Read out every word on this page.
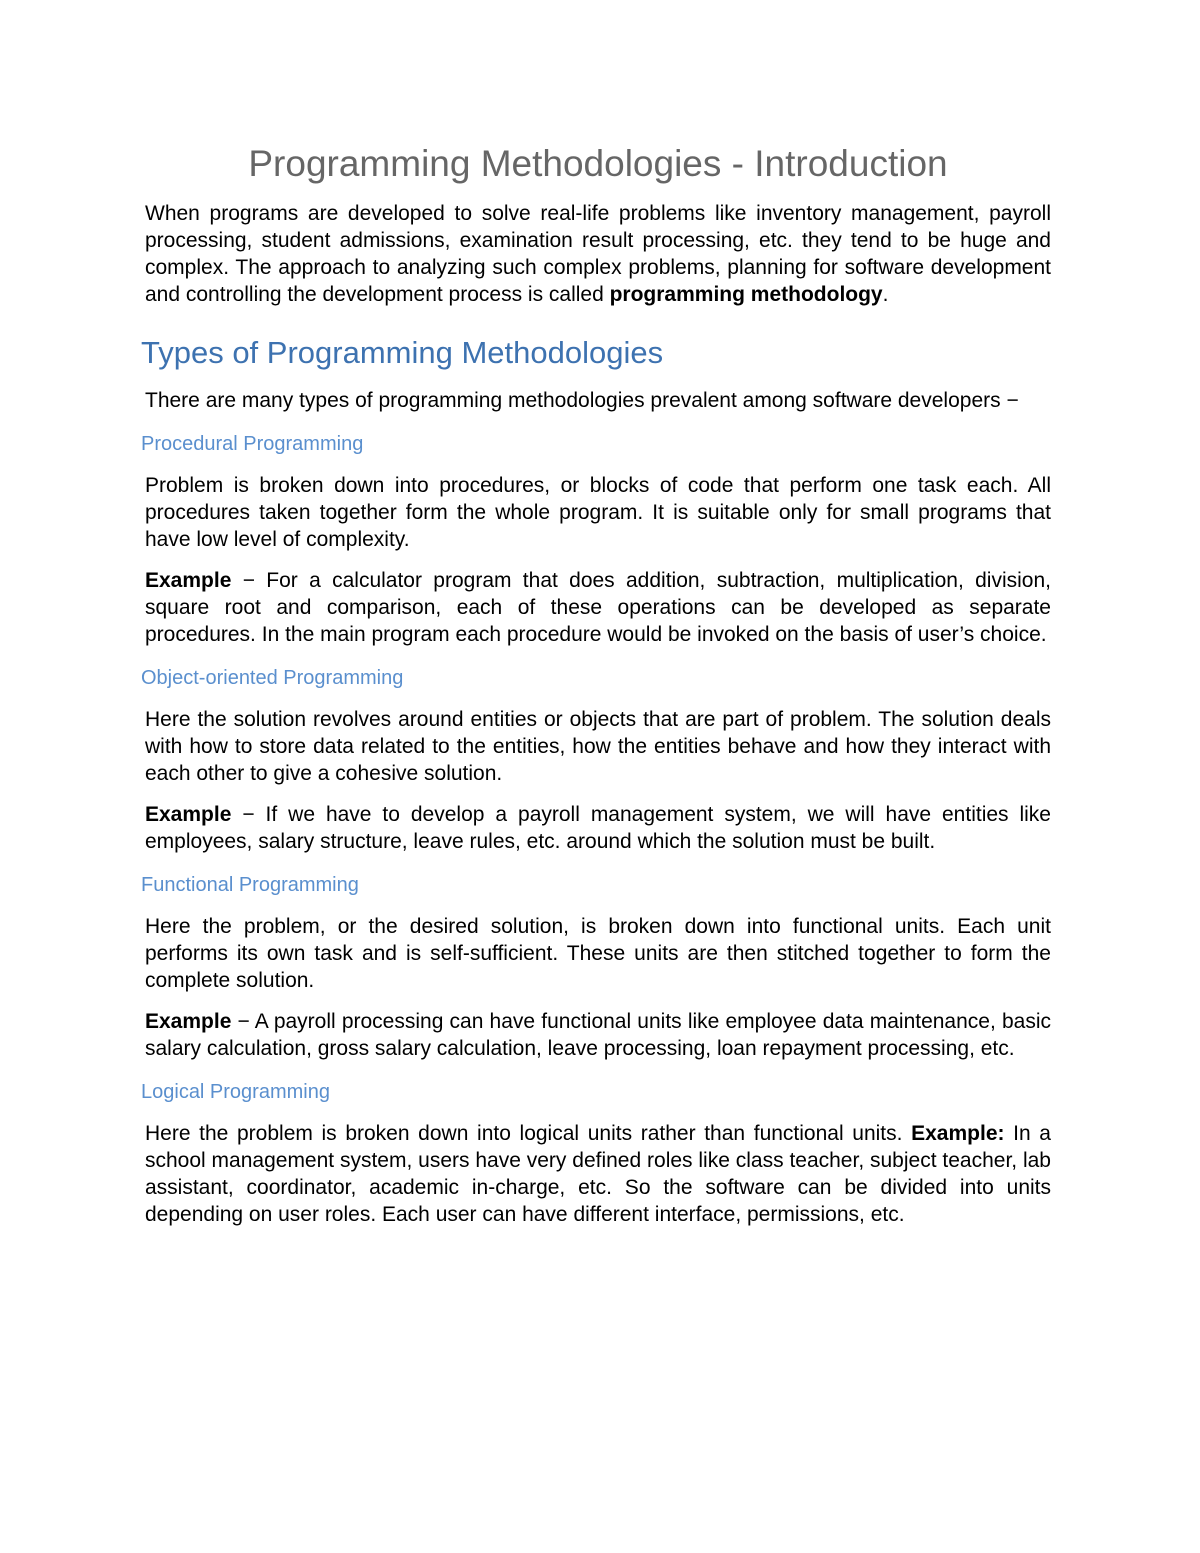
Programming Methodologies - Introduction

When programs are developed to solve real-life problems like inventory management, payroll processing, student admissions, examination result processing, etc. they tend to be huge and complex. The approach to analyzing such complex problems, planning for software development and controlling the development process is called programming methodology.

Types of Programming Methodologies

There are many types of programming methodologies prevalent among software developers −

Procedural Programming

Problem is broken down into procedures, or blocks of code that perform one task each. All procedures taken together form the whole program. It is suitable only for small programs that have low level of complexity.

Example − For a calculator program that does addition, subtraction, multiplication, division, square root and comparison, each of these operations can be developed as separate procedures. In the main program each procedure would be invoked on the basis of user’s choice.

Object-oriented Programming

Here the solution revolves around entities or objects that are part of problem. The solution deals with how to store data related to the entities, how the entities behave and how they interact with each other to give a cohesive solution.

Example − If we have to develop a payroll management system, we will have entities like employees, salary structure, leave rules, etc. around which the solution must be built.

Functional Programming

Here the problem, or the desired solution, is broken down into functional units. Each unit performs its own task and is self-sufficient. These units are then stitched together to form the complete solution.

Example − A payroll processing can have functional units like employee data maintenance, basic salary calculation, gross salary calculation, leave processing, loan repayment processing, etc.

Logical Programming

Here the problem is broken down into logical units rather than functional units. Example: In a school management system, users have very defined roles like class teacher, subject teacher, lab assistant, coordinator, academic in-charge, etc. So the software can be divided into units depending on user roles. Each user can have different interface, permissions, etc.
